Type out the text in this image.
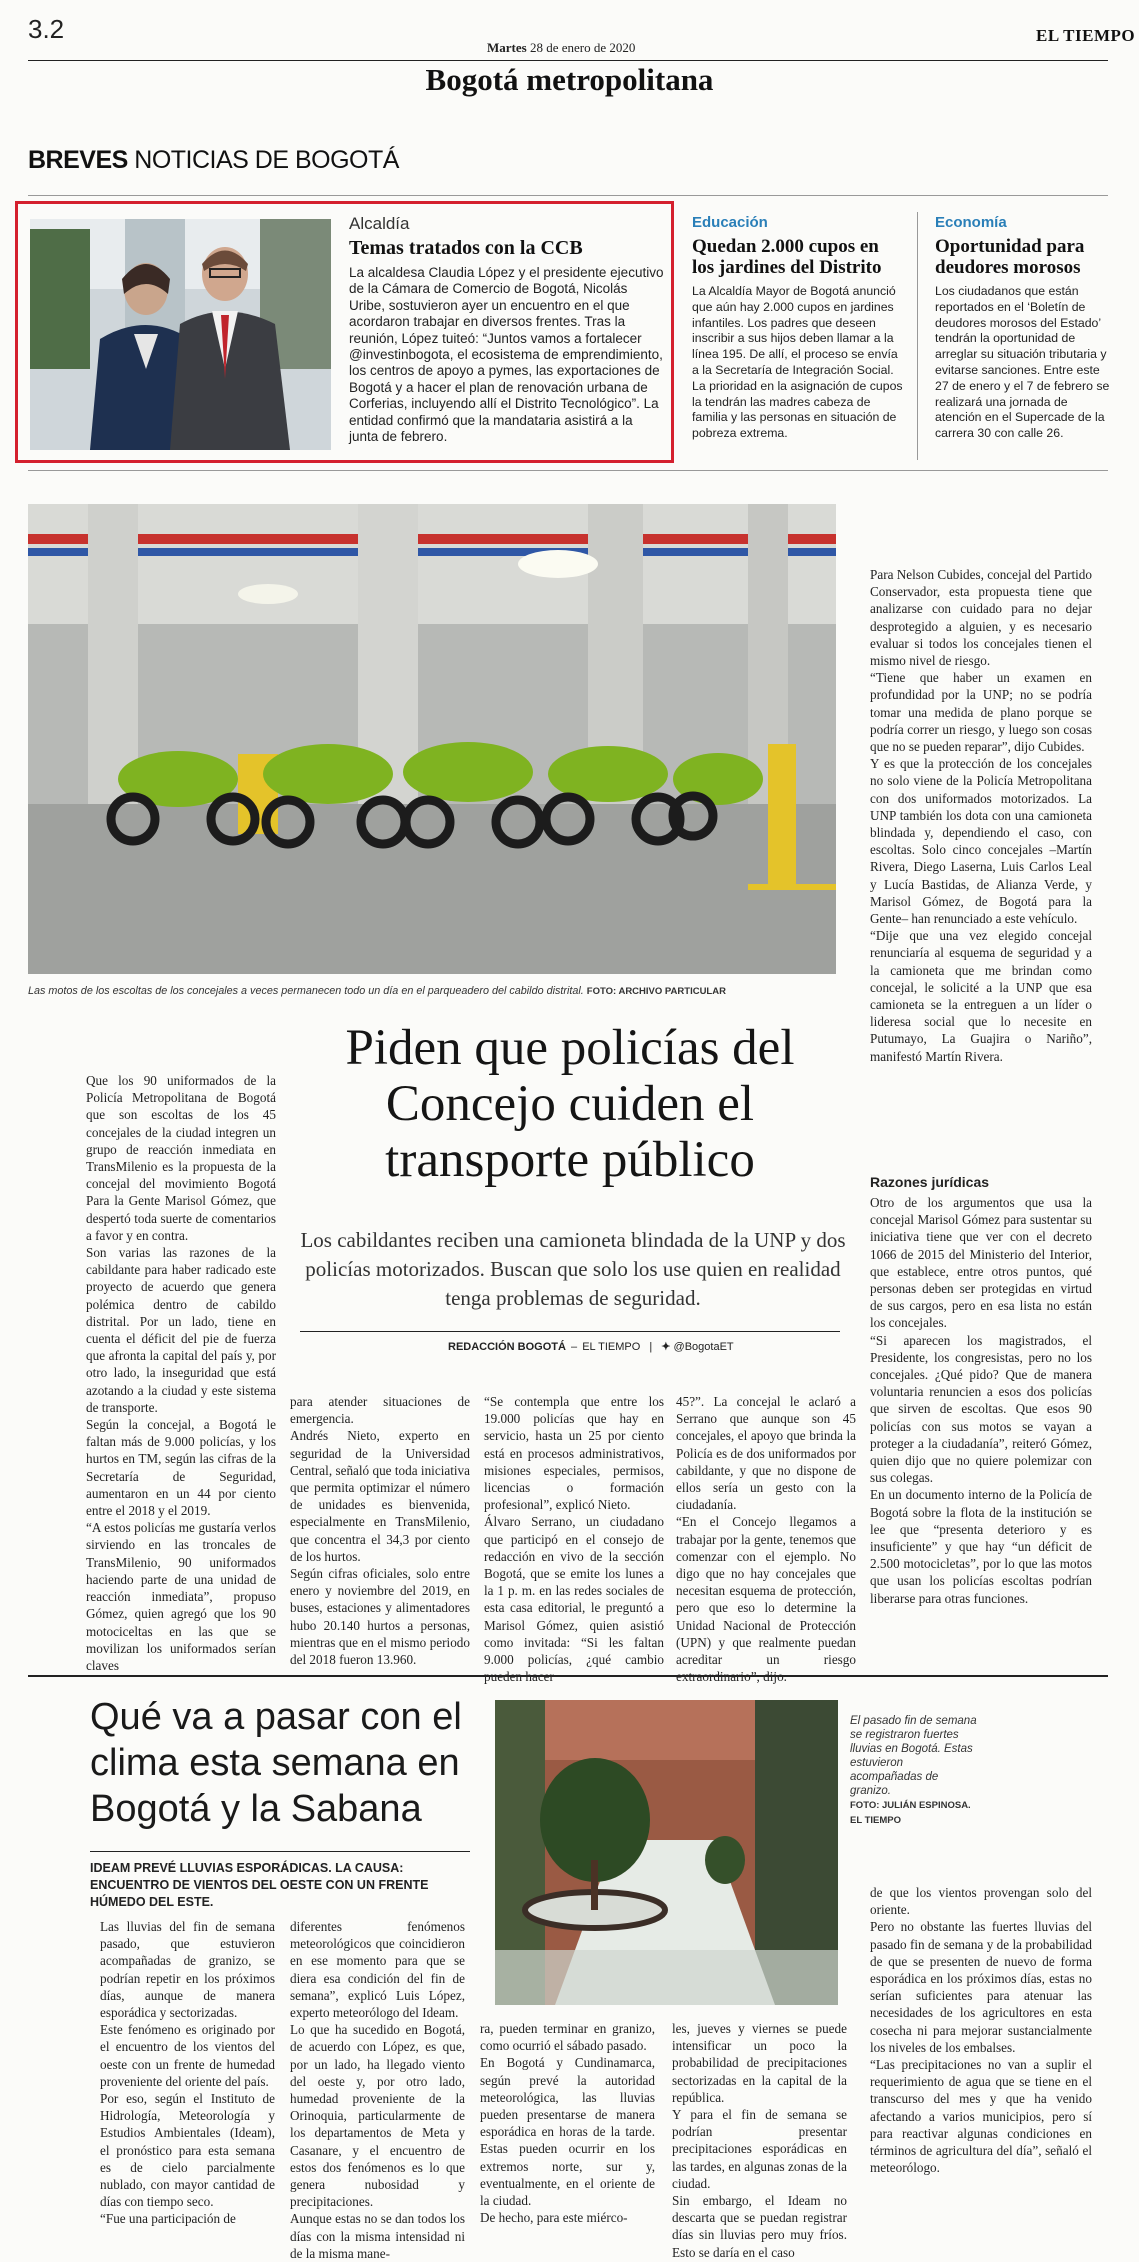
3.2
Martes 28 de enero de 2020
EL TIEMPO
Bogotá metropolitana
BREVES NOTICIAS DE BOGOTÁ
Alcaldía
Temas tratados con la CCB
La alcaldesa Claudia López y el presidente ejecutivo de la Cámara de Comercio de Bogotá, Nicolás Uribe, sostuvieron ayer un encuentro en el que acordaron trabajar en diversos frentes. Tras la reunión, López tuiteó: “Juntos vamos a fortalecer @investinbogota, el ecosistema de emprendimiento, los centros de apoyo a pymes, las exportaciones de Bogotá y a hacer el plan de renovación urbana de Corferias, incluyendo allí el Distrito Tecnológico”. La entidad confirmó que la mandataria asistirá a la junta de febrero.
Educación
Quedan 2.000 cupos en los jardines del Distrito
La Alcaldía Mayor de Bogotá anunció que aún hay 2.000 cupos en jardines infantiles. Los padres que deseen inscribir a sus hijos deben llamar a la línea 195. De allí, el proceso se envía a la Secretaría de Integración Social. La prioridad en la asignación de cupos la tendrán las madres cabeza de familia y las personas en situación de pobreza extrema.
Economía
Oportunidad para deudores morosos
Los ciudadanos que están reportados en el ‘Boletín de deudores morosos del Estado’ tendrán la oportunidad de arreglar su situación tributaria y evitarse sanciones. Entre este 27 de enero y el 7 de febrero se realizará una jornada de atención en el Supercade de la carrera 30 con calle 26.
Las motos de los escoltas de los concejales a veces permanecen todo un día en el parqueadero del cabildo distrital. FOTO: ARCHIVO PARTICULAR
Piden que policías del Concejo cuiden el transporte público
Los cabildantes reciben una camioneta blindada de la UNP y dos policías motorizados. Buscan que solo los use quien en realidad tenga problemas de seguridad.
REDACCIÓN BOGOTÁ – EL TIEMPO | ✦ @BogotaET
Que los 90 uniformados de la Policía Metropolitana de Bogotá que son escoltas de los 45 concejales de la ciudad integren un grupo de reacción inmediata en TransMilenio es la propuesta de la concejal del movimiento Bogotá Para la Gente Marisol Gómez, que despertó toda suerte de comentarios a favor y en contra.
Son varias las razones de la cabildante para haber radicado este proyecto de acuerdo que genera polémica dentro de cabildo distrital. Por un lado, tiene en cuenta el déficit del pie de fuerza que afronta la capital del país y, por otro lado, la inseguridad que está azotando a la ciudad y este sistema de transporte.
Según la concejal, a Bogotá le faltan más de 9.000 policías, y los hurtos en TM, según las cifras de la Secretaría de Seguridad, aumentaron en un 44 por ciento entre el 2018 y el 2019.
“A estos policías me gustaría verlos sirviendo en las troncales de TransMilenio, 90 uniformados haciendo parte de una unidad de reacción inmediata”, propuso Gómez, quien agregó que los 90 motociceltas en las que se movilizan los uniformados serían claves
para atender situaciones de emergencia.
Andrés Nieto, experto en seguridad de la Universidad Central, señaló que toda iniciativa que permita optimizar el número de unidades es bienvenida, especialmente en TransMilenio, que concentra el 34,3 por ciento de los hurtos.
Según cifras oficiales, solo entre enero y noviembre del 2019, en buses, estaciones y alimentadores hubo 20.140 hurtos a personas, mientras que en el mismo periodo del 2018 fueron 13.960.
“Se contempla que entre los 19.000 policías que hay en servicio, hasta un 25 por ciento está en procesos administrativos, misiones especiales, permisos, licencias o formación profesional”, explicó Nieto.
Álvaro Serrano, un ciudadano que participó en el consejo de redacción en vivo de la sección Bogotá, que se emite los lunes a la 1 p. m. en las redes sociales de esta casa editorial, le preguntó a Marisol Gómez, quien asistió como invitada: “Si les faltan 9.000 policías, ¿qué cambio
45?”. La concejal le aclaró a Serrano que aunque son 45 concejales, el apoyo que brinda la Policía es de dos uniformados por cabildante, y que no dispone de ellos sería un gesto con la ciudadanía.
“En el Concejo llegamos a trabajar por la gente, tenemos que comenzar con el ejemplo. No digo que no hay concejales que necesitan esquema de protección, pero que eso lo determine la Unidad Nacional de Protección (UPN) y que realmente puedan acreditar un riesgo
Para Nelson Cubides, concejal del Partido Conservador, esta propuesta tiene que analizarse con cuidado para no dejar desprotegido a alguien, y es necesario evaluar si todos los concejales tienen el mismo nivel de riesgo.
“Tiene que haber un examen en profundidad por la UNP; no se podría tomar una medida de plano porque se podría correr un riesgo, y luego son cosas que no se pueden reparar”, dijo Cubides.
Y es que la protección de los concejales no solo viene de la Policía Metropolitana con dos uniformados motorizados. La UNP también los dota con una camioneta blindada y, dependiendo el caso, con escoltas. Solo cinco concejales –Martín Rivera, Diego Laserna, Luis Carlos Leal y Lucía Bastidas, de Alianza Verde, y Marisol Gómez, de Bogotá para la Gente– han renunciado a este vehículo.
“Dije que una vez elegido concejal renunciaría al esquema de seguridad y a la camioneta que me brindan como concejal, le solicité a la UNP que esa camioneta se la entreguen a un líder o lideresa social que lo necesite en Putumayo, La Guajira o Nariño”, manifestó Martín Rivera.
Razones jurídicas
Otro de los argumentos que usa la concejal Marisol Gómez para sustentar su iniciativa tiene que ver con el decreto 1066 de 2015 del Ministerio del Interior, que establece, entre otros puntos, qué personas deben ser protegidas en virtud de sus cargos, pero en esa lista no están los concejales.
“Si aparecen los magistrados, el Presidente, los congresistas, pero no los concejales. ¿Qué pido? Que de manera voluntaria renuncien a esos dos policías que sirven de escoltas. Que esos 90 policías con sus motos se vayan a proteger a la ciudadanía”, reiteró Gómez, quien dijo que no quiere polemizar con sus colegas.
En un documento interno de la Policía de Bogotá sobre la flota de la institución se lee que “presenta deterioro y es insuficiente” y que hay “un déficit de 2.500 motocicletas”, por lo que las motos que usan los policías escoltas podrían liberarse para otras funciones.
Qué va a pasar con el clima esta semana en Bogotá y la Sabana
IDEAM PREVÉ LLUVIAS ESPORÁDICAS. LA CAUSA: ENCUENTRO DE VIENTOS DEL OESTE CON UN FRENTE HÚMEDO DEL ESTE.

El pasado fin de semana se registraron fuertes lluvias en Bogotá. Estas estuvieron acompañadas de granizo.
FOTO: JULIÁN ESPINOSA. EL TIEMPO

Las lluvias del fin de semana pasado, que estuvieron acompañadas de granizo, se podrían repetir en los próximos días, aunque de manera esporádica y sectorizadas.
Este fenómeno es originado por el encuentro de los vientos del oeste con un frente de humedad proveniente del oriente del país.
Por eso, según el Instituto de Hidrología, Meteorología y Estudios Ambientales (Ideam), el pronóstico para esta semana es de cielo parcialmente nublado, con mayor cantidad de días con tiempo seco.
“Fue una participación de
diferentes fenómenos meteorológicos que coincidieron en ese momento para que se diera esa condición del fin de semana”, explicó Luis López, experto meteorólogo del Ideam.
Lo que ha sucedido en Bogotá, de acuerdo con López, es que, por un lado, ha llegado viento del oeste y, por otro lado, humedad proveniente de la Orinoquia, particularmente de los departamentos de Meta y Casanare, y el encuentro de estos dos fenómenos es lo que genera nubosidad y precipitaciones.
Aunque estas no se dan todos los días con la misma intensidad ni de la misma mane-
ra, pueden terminar en granizo, como ocurrió el sábado pasado.
En Bogotá y Cundinamarca, según prevé la autoridad meteorológica, las lluvias pueden presentarse de manera esporádica en horas de la tarde. Estas pueden ocurrir en los extremos norte, sur y, eventualmente, en el oriente de la ciudad.
De hecho, para este miérco-
les, jueves y viernes se puede intensificar un poco la probabilidad de precipitaciones sectorizadas en la capital de la república.
Y para el fin de semana se podrían presentar precipitaciones esporádicas en las tardes, en algunas zonas de la ciudad.
Sin embargo, el Ideam no descarta que se puedan registrar días sin lluvias pero muy fríos. Esto se daría en el caso
de que los vientos provengan solo del oriente.
Pero no obstante las fuertes lluvias del pasado fin de semana y de la probabilidad de que se presenten de nuevo de forma esporádica en los próximos días, estas no serían suficientes para atenuar las necesidades de los agricultores en esta cosecha ni para mejorar sustancialmente los niveles de los embalses.
“Las precipitaciones no van a suplir el requerimiento de agua que se tiene en el transcurso del mes y que ha venido afectando a varios municipios, pero sí para reactivar algunas condiciones en términos de agricultura del día”, señaló el meteorólogo.
